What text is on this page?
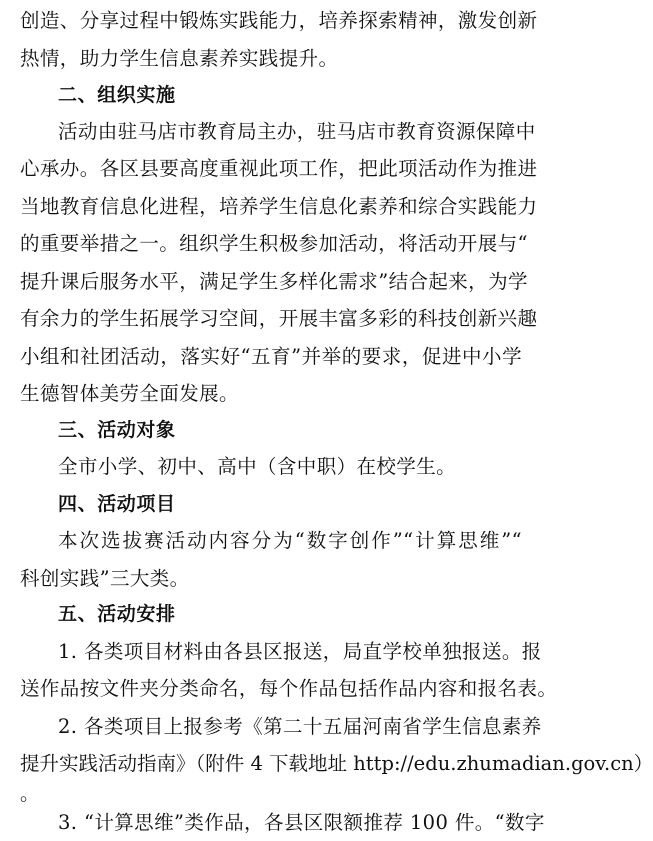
创造、分享过程中锻炼实践能力，培养探索精神，激发创新
热情，助力学生信息素养实践提升。
二、组织实施
活动由驻马店市教育局主办，驻马店市教育资源保障中
心承办。各区县要高度重视此项工作，把此项活动作为推进
当地教育信息化进程，培养学生信息化素养和综合实践能力
的重要举措之一。组织学生积极参加活动，将活动开展与“
提升课后服务水平，满足学生多样化需求”结合起来，为学
有余力的学生拓展学习空间，开展丰富多彩的科技创新兴趣
小组和社团活动，落实好“五育”并举的要求，促进中小学
生德智体美劳全面发展。
三、活动对象
全市小学、初中、高中（含中职）在校学生。
四、活动项目
本次选拔赛活动内容分为“数字创作”“计算思维”“
科创实践”三大类。
五、活动安排
1. 各类项目材料由各县区报送，局直学校单独报送。报
送作品按文件夹分类命名，每个作品包括作品内容和报名表。
2. 各类项目上报参考《第二十五届河南省学生信息素养
提升实践活动指南》（附件 4 下载地址 http://edu.zhumadian.gov.cn）
。
3. “计算思维”类作品，各县区限额推荐 100 件。“数字
